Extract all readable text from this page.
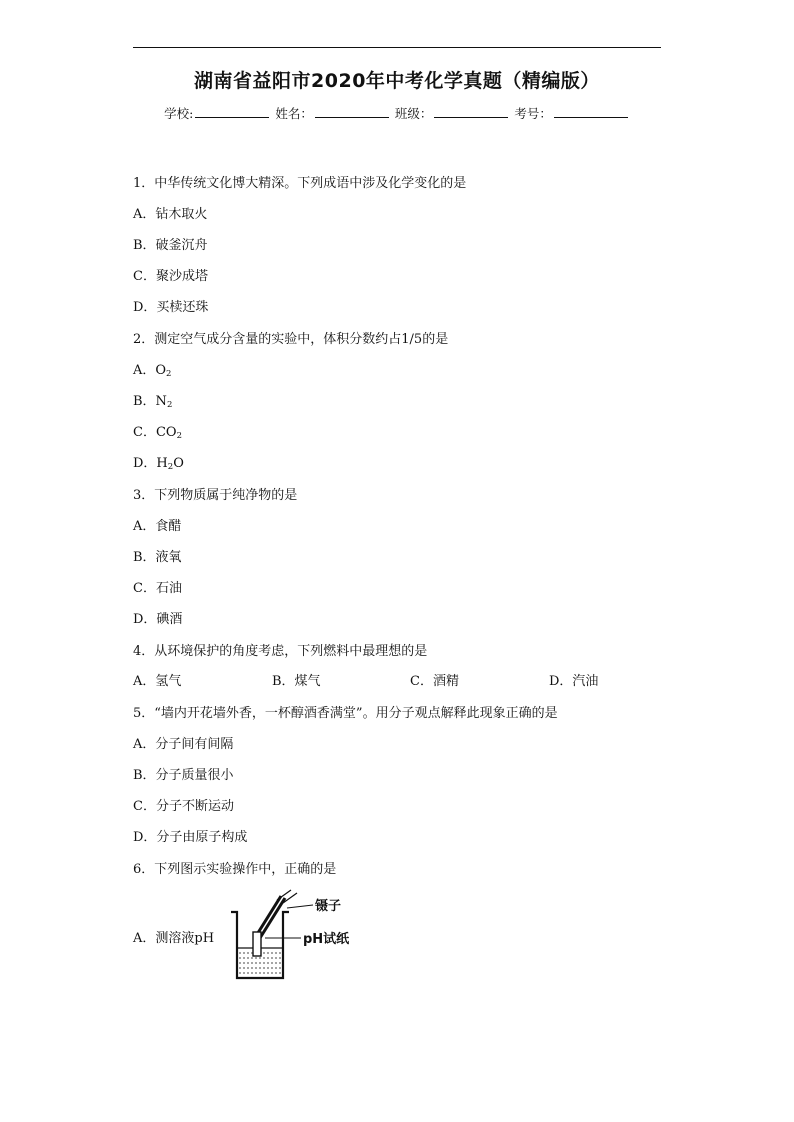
湖南省益阳市2020年中考化学真题（精编版）
学校:	姓名：	班级：	考号：
1．中华传统文化博大精深。下列成语中涉及化学变化的是
A．钻木取火
B．破釜沉舟
C．聚沙成塔
D．买椟还珠
2．测定空气成分含量的实验中，体积分数约占1/5的是
A．$O_2$
B．$N_2$
C．$CO_2$
D．$H_2O$
3．下列物质属于纯净物的是
A．食醋
B．液氧
C．石油
D．碘酒
4．从环境保护的角度考虑，下列燃料中最理想的是
A．氢气	B．煤气	C．酒精	D．汽油
5．“墙内开花墙外香，一杯醇酒香满堂”。用分子观点解释此现象正确的是
A．分子间有间隔
B．分子质量很小
C．分子不断运动
D．分子由原子构成
6．下列图示实验操作中，正确的是
A．测溶液pH
镊子
pH试纸
